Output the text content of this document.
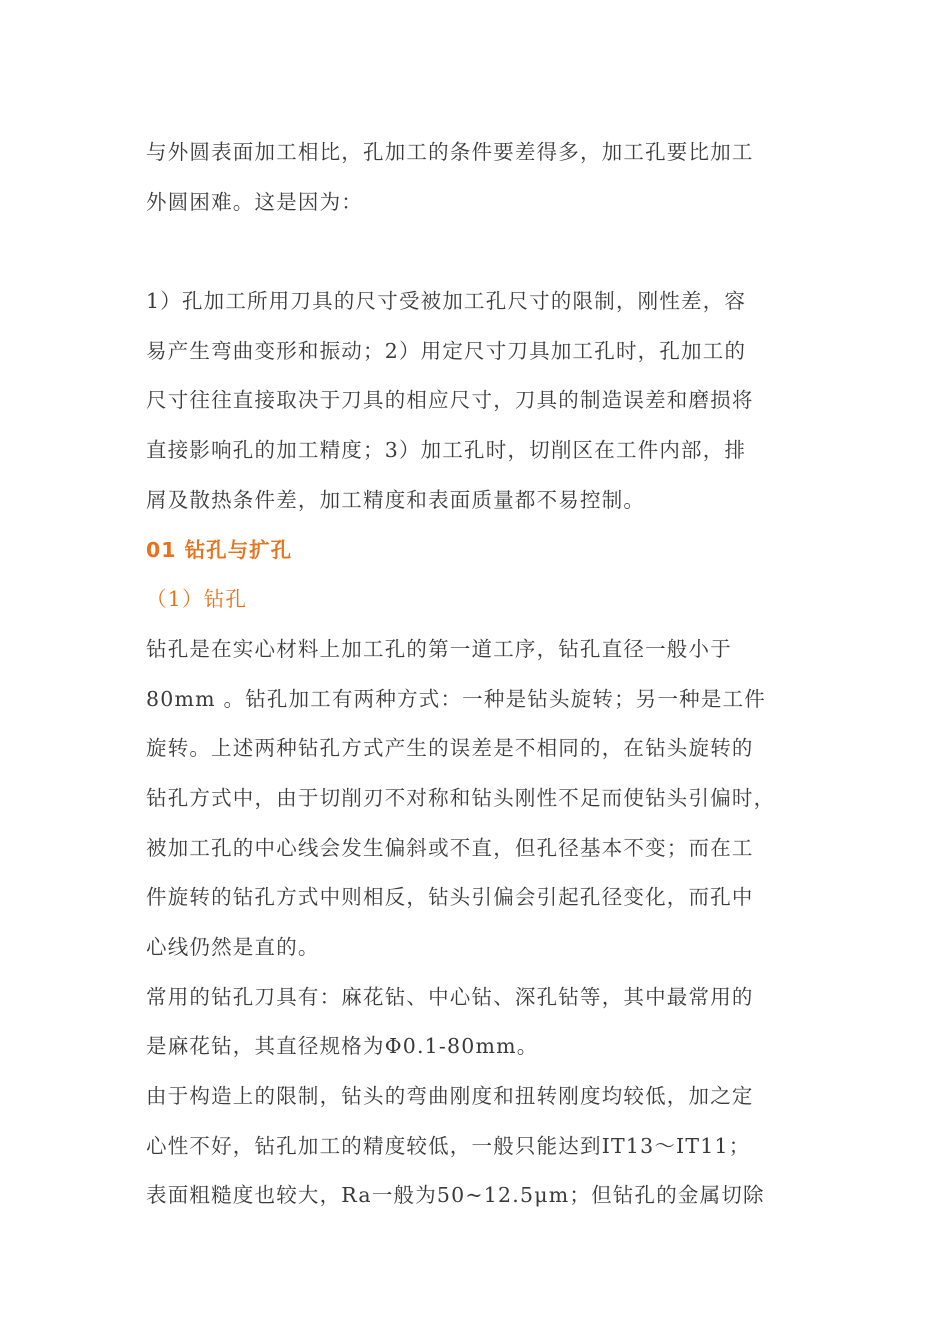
与外圆表面加工相比，孔加工的条件要差得多，加工孔要比加工
外圆困难。这是因为：
1）孔加工所用刀具的尺寸受被加工孔尺寸的限制，刚性差，容
易产生弯曲变形和振动；2）用定尺寸刀具加工孔时，孔加工的
尺寸往往直接取决于刀具的相应尺寸，刀具的制造误差和磨损将
直接影响孔的加工精度；3）加工孔时，切削区在工件内部，排
屑及散热条件差，加工精度和表面质量都不易控制。
01 钻孔与扩孔
（1）钻孔
钻孔是在实心材料上加工孔的第一道工序，钻孔直径一般小于
80mm 。钻孔加工有两种方式：一种是钻头旋转；另一种是工件
旋转。上述两种钻孔方式产生的误差是不相同的，在钻头旋转的
钻孔方式中，由于切削刃不对称和钻头刚性不足而使钻头引偏时，
被加工孔的中心线会发生偏斜或不直，但孔径基本不变；而在工
件旋转的钻孔方式中则相反，钻头引偏会引起孔径变化，而孔中
心线仍然是直的。
常用的钻孔刀具有：麻花钻、中心钻、深孔钻等，其中最常用的
是麻花钻，其直径规格为Φ0.1-80mm。
由于构造上的限制，钻头的弯曲刚度和扭转刚度均较低，加之定
心性不好，钻孔加工的精度较低，一般只能达到IT13～IT11；
表面粗糙度也较大，Ra一般为50~12.5μm；但钻孔的金属切除
